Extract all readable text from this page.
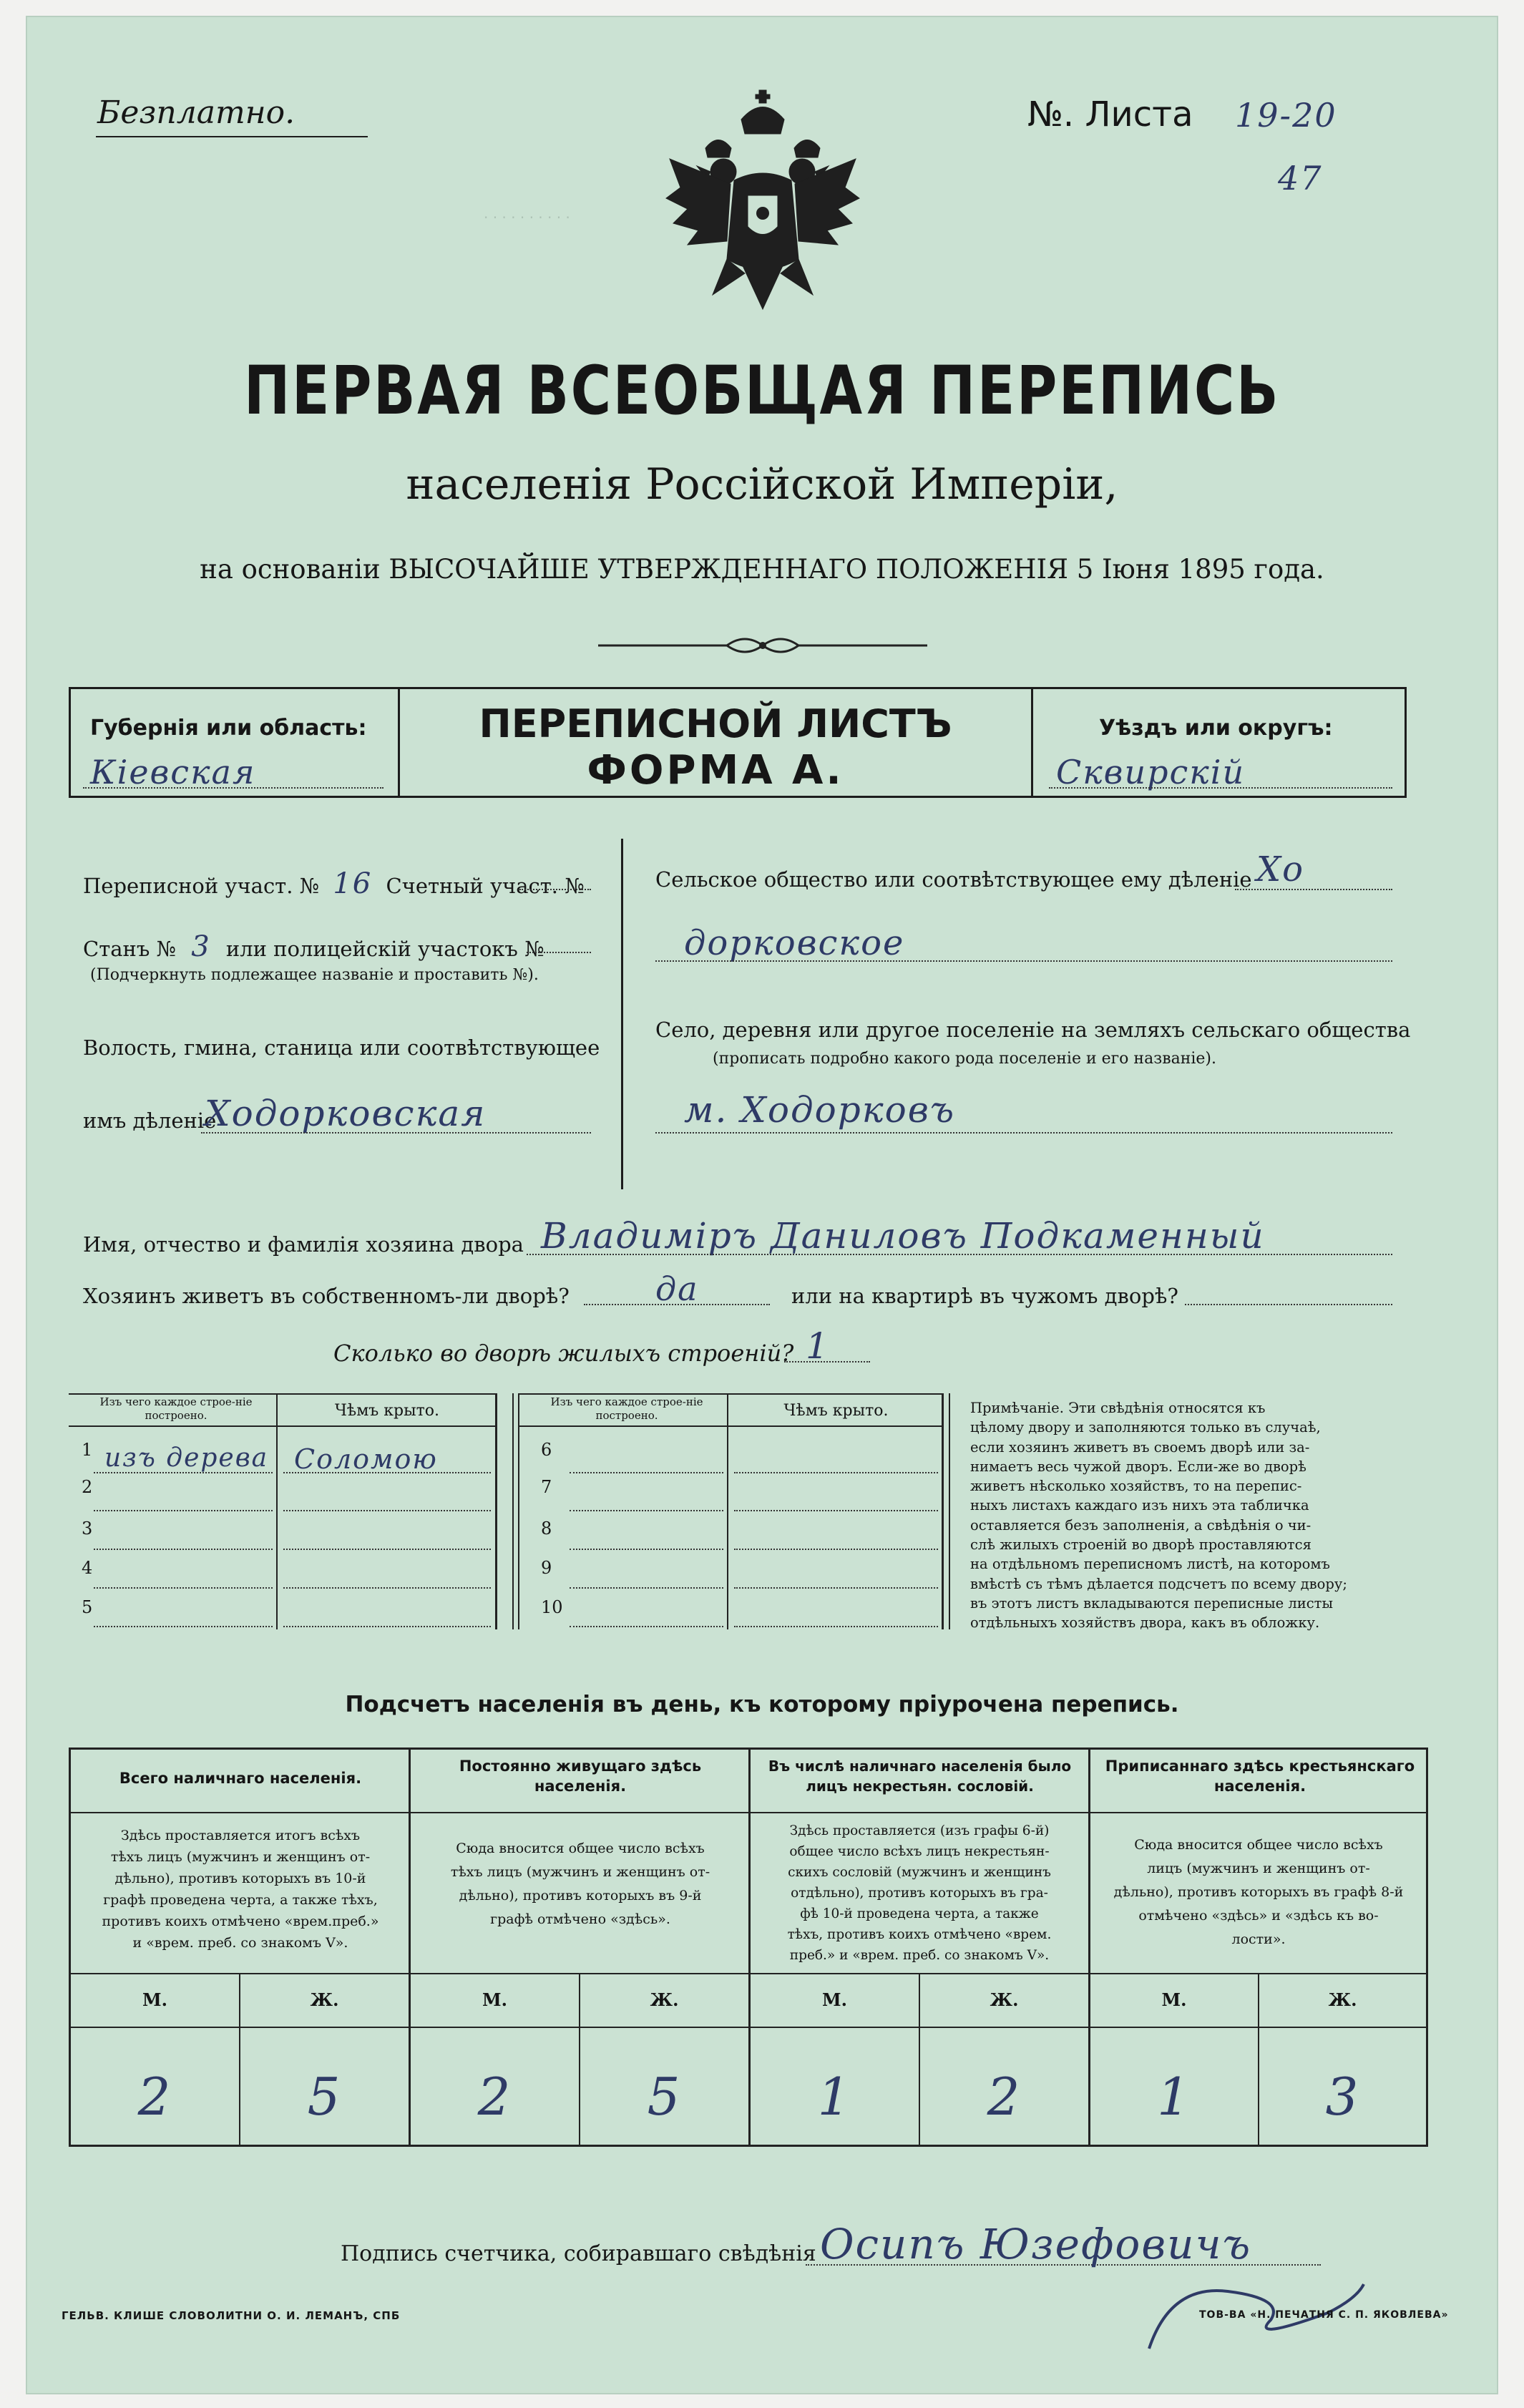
· · · · · · · · · ·
Безплатно.	№. Листа 19-20
47
ПЕРВАЯ ВСЕОБЩАЯ ПЕРЕПИСЬ
населенія Россійской Имперіи,
на основаніи ВЫСОЧАЙШЕ УТВЕРЖДЕННАГО ПОЛОЖЕНІЯ 5 Іюня 1895 года.
Губернія или область:
Кіевская
ПЕРЕПИСНОЙ ЛИСТЪ
ФОРМА А.
Уѣздъ или округъ:
Сквирскій
Переписной участ. № 16 Счетный участ. №
Станъ № 3 или полицейскій участокъ №
(Подчеркнуть подлежащее названіе и проставить №).
Волость, гмина, станица или соотвѣтствующее
имъ дѣленіе
Ходорковская
Сельское общество или соотвѣтствующее ему дѣленіе Хо
дорковское
Село, деревня или другое поселеніе на земляхъ сельскаго общества
(прописать подробно какого рода поселеніе и его названіе).
м. Ходорковъ
Имя, отчество и фамилія хозяина двора Владиміръ Даниловъ Подкаменный
Хозяинъ живетъ въ собственномъ-ли дворѣ?	да	или на квартирѣ въ чужомъ дворѣ?
Сколько во дворѣ жилыхъ строеній? 1
Изъ чего каждое строе-ніе построено.	Чѣмъ крыто.	Изъ чего каждое строе-ніе построено.	Чѣмъ крыто.
1 изъ дерева Соломою
2
3
4
5
6
7
8
9
10
Примѣчаніе. Эти свѣдѣнія относятся къ
цѣлому двору и заполняются только въ случаѣ,
если хозяинъ живетъ въ своемъ дворѣ или за-
нимаетъ весь чужой дворъ. Если-же во дворѣ
живетъ нѣсколько хозяйствъ, то на перепис-
ныхъ листахъ каждаго изъ нихъ эта табличка
оставляется безъ заполненія, а свѣдѣнія о чи-
слѣ жилыхъ строеній во дворѣ проставляются
на отдѣльномъ переписномъ листѣ, на которомъ
вмѣстѣ съ тѣмъ дѣлается подсчетъ по всему двору;
въ этотъ листъ вкладываются переписные листы
отдѣльныхъ хозяйствъ двора, какъ въ обложку.
Подсчетъ населенія въ день, къ которому пріурочена перепись.
Всего наличнаго населенія.
Постоянно живущаго здѣсь населенія.
Въ числѣ наличнаго населенія было лицъ некрестьян. сословій.
Приписаннаго здѣсь крестьянскаго населенія.
Здѣсь проставляется итогъ всѣхъ
тѣхъ лицъ (мужчинъ и женщинъ от-
дѣльно), противъ которыхъ въ 10-й
графѣ проведена черта, а также тѣхъ,
противъ коихъ отмѣчено «врем.преб.»
и «врем. преб. со знакомъ V».
Сюда вносится общее число всѣхъ
тѣхъ лицъ (мужчинъ и женщинъ от-
дѣльно), противъ которыхъ въ 9-й
графѣ отмѣчено «здѣсь».
Здѣсь проставляется (изъ графы 6-й)
общее число всѣхъ лицъ некрестьян-
скихъ сословій (мужчинъ и женщинъ
отдѣльно), противъ которыхъ въ гра-
фѣ 10-й проведена черта, а также
тѣхъ, противъ коихъ отмѣчено «врем.
преб.» и «врем. преб. со знакомъ V».
Сюда вносится общее число всѣхъ
лицъ (мужчинъ и женщинъ от-
дѣльно), противъ которыхъ въ графѣ 8-й
отмѣчено «здѣсь» и «здѣсь къ во-
лости».
М.	Ж.	М.	Ж.	М.	Ж.	М.	Ж.
2	5	2	5	1	2	1	3
Подпись счетчика, собиравшаго свѣдѣнія Осипъ Юзефовичъ
ГЕЛЬВ. КЛИШЕ СЛОВОЛИТНИ О. И. ЛЕМАНЪ, СПБ	ТОВ-ВА «Н. ПЕЧАТНЯ С. П. ЯКОВЛЕВА»
